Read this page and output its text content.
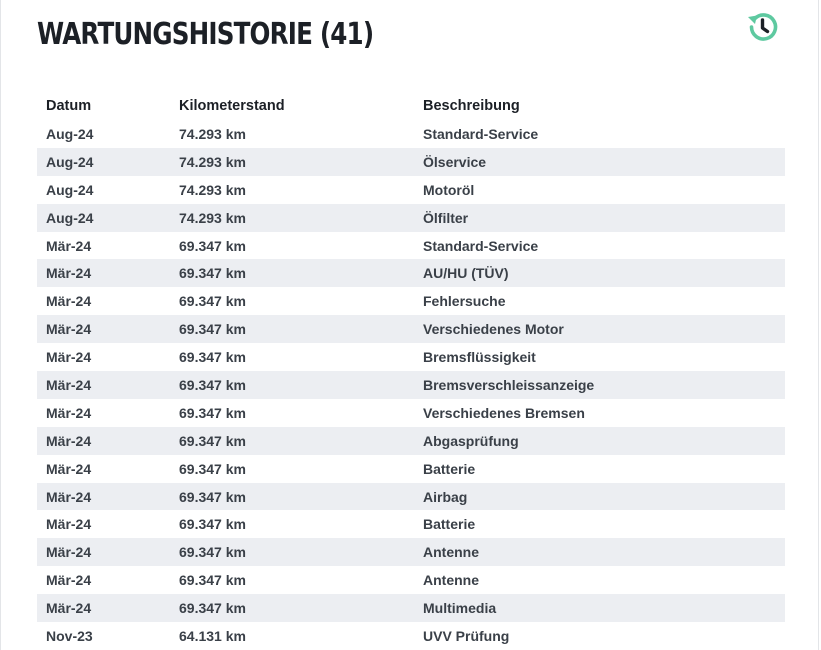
WARTUNGSHISTORIE (41)
Datum	Kilometerstand	Beschreibung
Aug-24	74.293 km	Standard-Service
Aug-24	74.293 km	Ölservice
Aug-24	74.293 km	Motoröl
Aug-24	74.293 km	Ölfilter
Mär-24	69.347 km	Standard-Service
Mär-24	69.347 km	AU/HU (TÜV)
Mär-24	69.347 km	Fehlersuche
Mär-24	69.347 km	Verschiedenes Motor
Mär-24	69.347 km	Bremsflüssigkeit
Mär-24	69.347 km	Bremsverschleissanzeige
Mär-24	69.347 km	Verschiedenes Bremsen
Mär-24	69.347 km	Abgasprüfung
Mär-24	69.347 km	Batterie
Mär-24	69.347 km	Airbag
Mär-24	69.347 km	Batterie
Mär-24	69.347 km	Antenne
Mär-24	69.347 km	Antenne
Mär-24	69.347 km	Multimedia
Nov-23	64.131 km	UVV Prüfung
